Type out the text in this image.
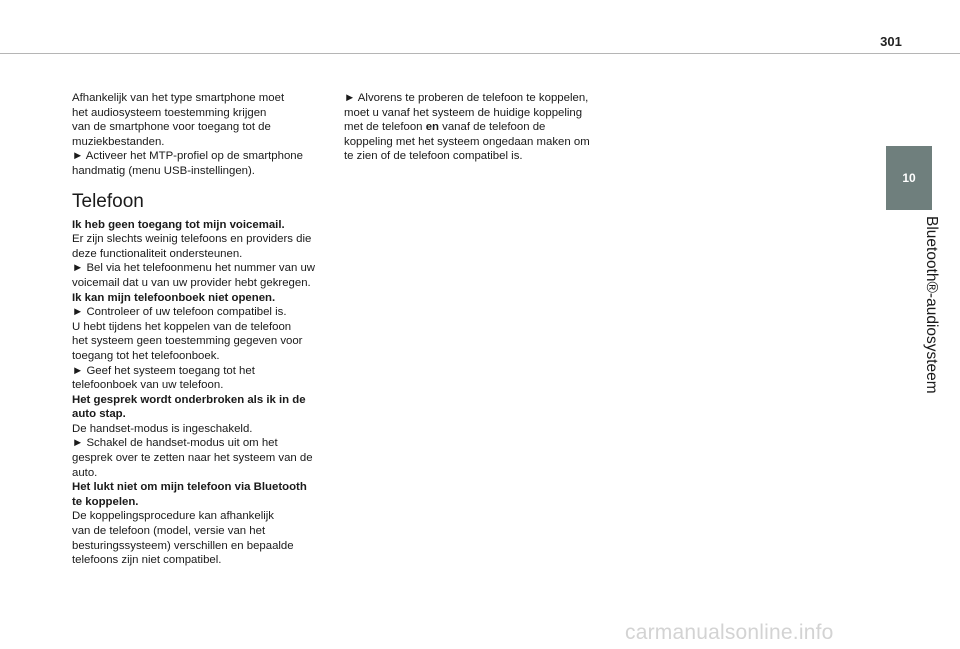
301
10
Bluetooth®-audiosysteem

Afhankelijk van het type smartphone moet
het audiosysteem toestemming krijgen
van de smartphone voor toegang tot de
muziekbestanden.
► Activeer het MTP-profiel op de smartphone
handmatig (menu USB-instellingen).

Telefoon

Ik heb geen toegang tot mijn voicemail.
Er zijn slechts weinig telefoons en providers die
deze functionaliteit ondersteunen.
► Bel via het telefoonmenu het nummer van uw
voicemail dat u van uw provider hebt gekregen.

Ik kan mijn telefoonboek niet openen.
► Controleer of uw telefoon compatibel is.
U hebt tijdens het koppelen van de telefoon
het systeem geen toestemming gegeven voor
toegang tot het telefoonboek.
► Geef het systeem toegang tot het
telefoonboek van uw telefoon.

Het gesprek wordt onderbroken als ik in de
auto stap.
De handset-modus is ingeschakeld.
► Schakel de handset-modus uit om het
gesprek over te zetten naar het systeem van de
auto.

Het lukt niet om mijn telefoon via Bluetooth
te koppelen.
De koppelingsprocedure kan afhankelijk
van de telefoon (model, versie van het
besturingssysteem) verschillen en bepaalde
telefoons zijn niet compatibel.

► Alvorens te proberen de telefoon te koppelen,
moet u vanaf het systeem de huidige koppeling
met de telefoon en vanaf de telefoon de
koppeling met het systeem ongedaan maken om
te zien of de telefoon compatibel is.

carmanualsonline.info
